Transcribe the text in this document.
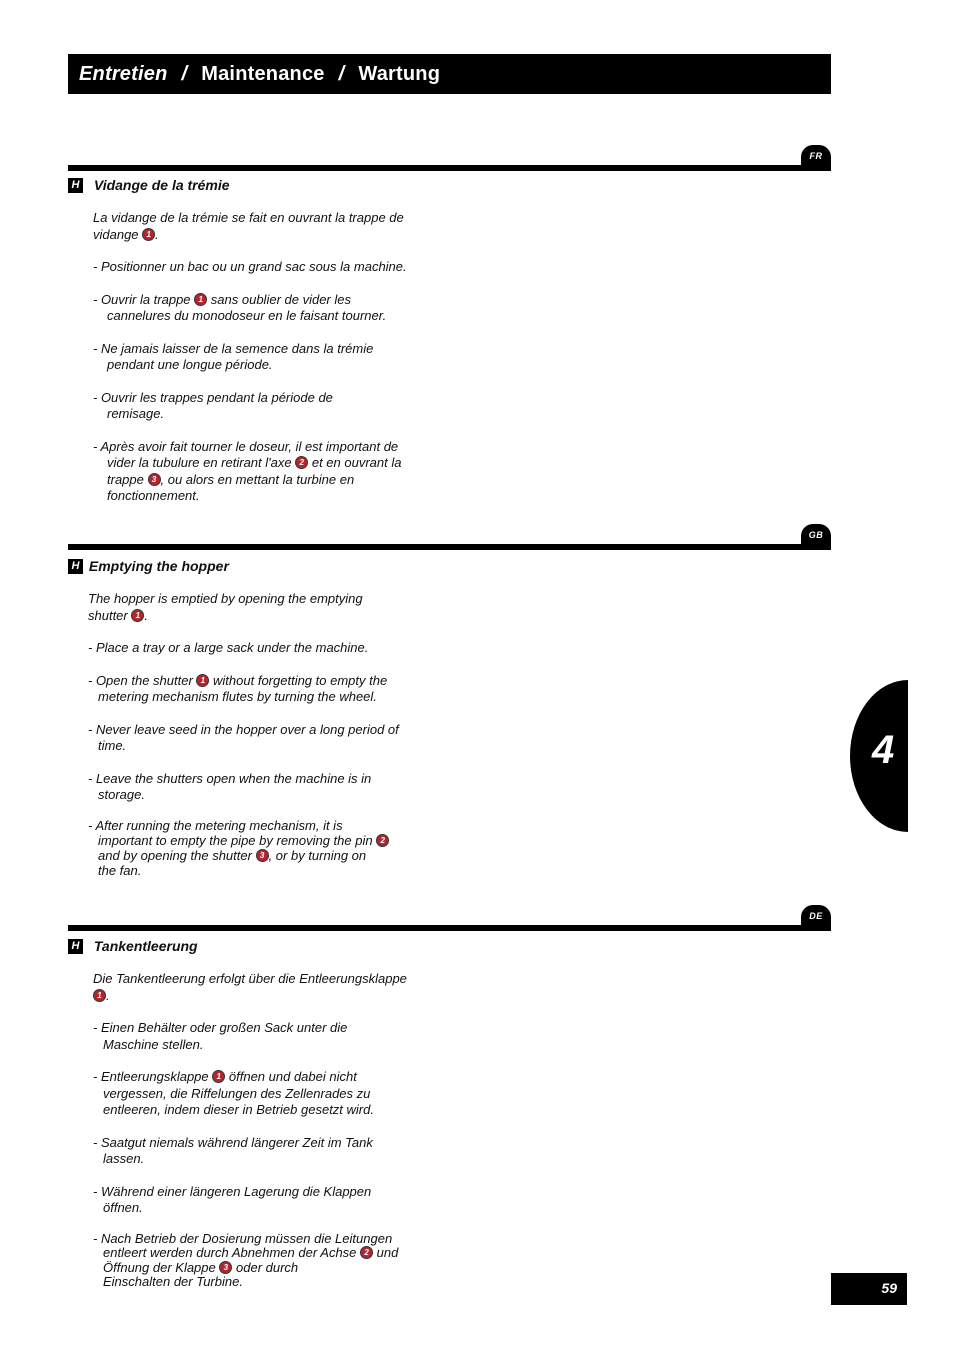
Entretien / Maintenance / Wartung
FR
H Vidange de la trémie

La vidange de la trémie se fait en ouvrant la trappe de
vidange 1 .

- Positionner un bac ou un grand sac sous la machine.

- Ouvrir la trappe 1 sans oublier de vider les
cannelures du monodoseur en le faisant tourner.

- Ne jamais laisser de la semence dans la trémie
pendant une longue période.

- Ouvrir les trappes pendant la période de
remisage.

- Après avoir fait tourner le doseur, il est important de
vider la tubulure en retirant l'axe 2 et en ouvrant la
trappe 3 , ou alors en mettant la turbine en
fonctionnement.

GB
H Emptying the hopper

The hopper is emptied by opening the emptying
shutter 1 .

- Place a tray or a large sack under the machine.

- Open the shutter 1 without forgetting to empty the
metering mechanism flutes by turning the wheel.

- Never leave seed in the hopper over a long period of
time.

- Leave the shutters open when the machine is in
storage.

- After running the metering mechanism, it is
important to empty the pipe by removing the pin 2
and by opening the shutter 3 , or by turning on
the fan.

4
DE
H Tankentleerung

Die Tankentleerung erfolgt über die Entleerungsklappe
1 .

- Einen Behälter oder großen Sack unter die
Maschine stellen.

- Entleerungsklappe 1 öffnen und dabei nicht
vergessen, die Riffelungen des Zellenrades zu
entleeren, indem dieser in Betrieb gesetzt wird.

- Saatgut niemals während längerer Zeit im Tank
lassen.

- Während einer längeren Lagerung die Klappen
öffnen.

- Nach Betrieb der Dosierung müssen die Leitungen
entleert werden durch Abnehmen der Achse 2 und
Öffnung der Klappe 3 oder durch
Einschalten der Turbine.	59
